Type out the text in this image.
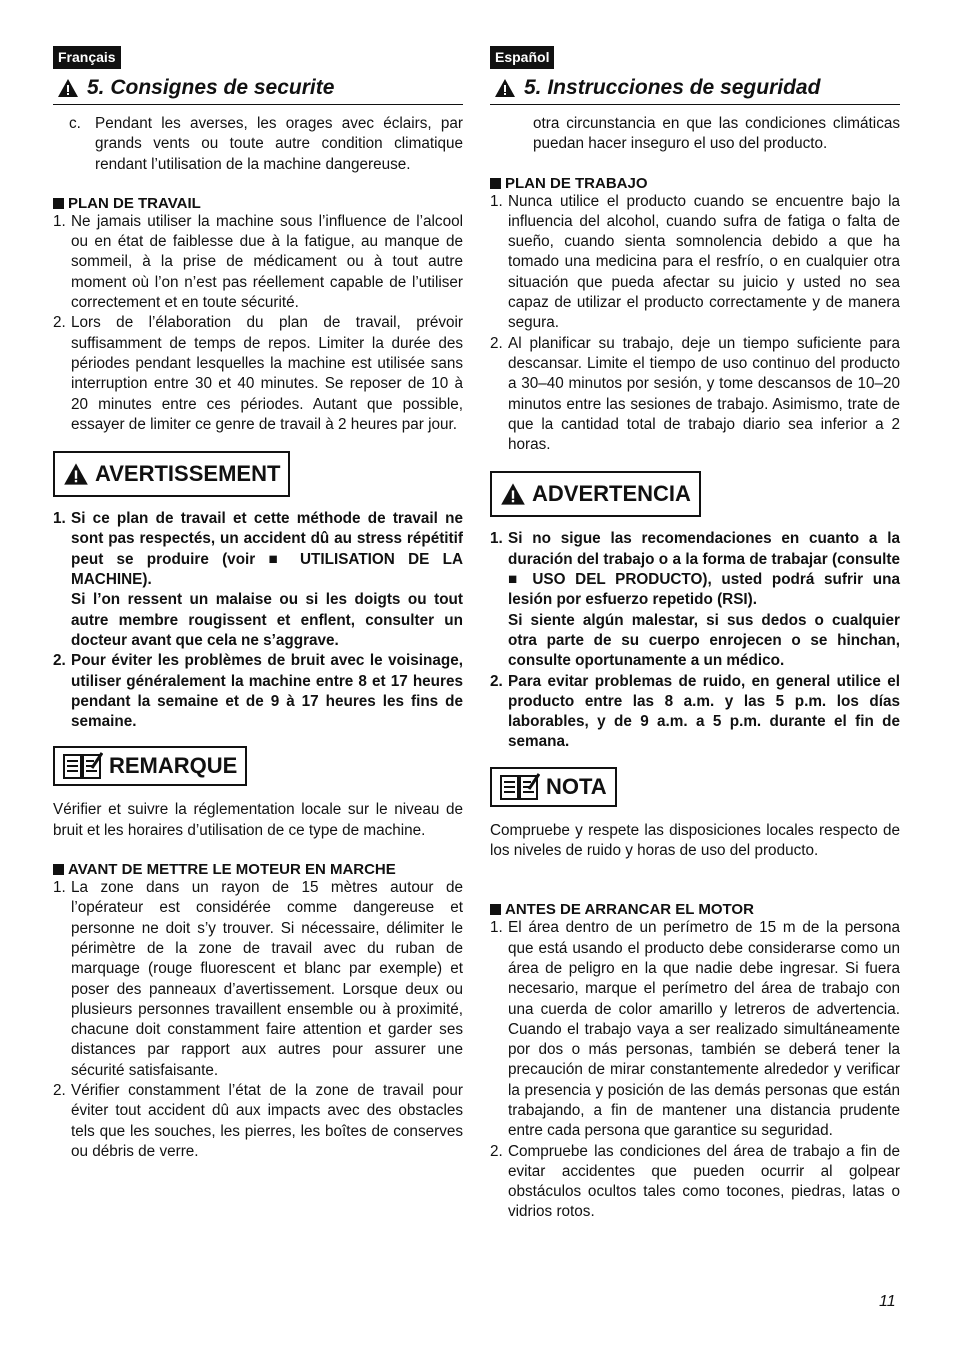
Français
5. Consignes de securite
c. Pendant les averses, les orages avec éclairs, par grands vents ou toute autre condition climatique rendant l’utilisation de la machine dangereuse.
PLAN DE TRAVAIL
1. Ne jamais utiliser la machine sous l’influence de l’alcool ou en état de faiblesse due à la fatigue, au manque de sommeil, à la prise de médicament ou à tout autre moment où l’on n’est pas réellement capable de l’utiliser correctement et en toute sécurité.
2. Lors de l’élaboration du plan de travail, prévoir suffisamment de temps de repos. Limiter la durée des périodes pendant lesquelles la machine est utilisée sans interruption entre 30 et 40 minutes. Se reposer de 10 à 20 minutes entre ces périodes. Autant que possible, essayer de limiter ce genre de travail à 2 heures par jour.
AVERTISSEMENT
1. Si ce plan de travail et cette méthode de travail ne sont pas respectés, un accident dû au stress répétitif peut se produire (voir ■ UTILISATION DE LA MACHINE).
Si l’on ressent un malaise ou si les doigts ou tout autre membre rougissent et enflent, consulter un docteur avant que cela ne s’aggrave.
2. Pour éviter les problèmes de bruit avec le voisinage, utiliser généralement la machine entre 8 et 17 heures pendant la semaine et de 9 à 17 heures les fins de semaine.
REMARQUE
Vérifier et suivre la réglementation locale sur le niveau de bruit et les horaires d’utilisation de ce type de machine.
AVANT DE METTRE LE MOTEUR EN MARCHE
1. La zone dans un rayon de 15 mètres autour de l’opérateur est considérée comme dangereuse et personne ne doit s’y trouver. Si nécessaire, délimiter le périmètre de la zone de travail avec du ruban de marquage (rouge fluorescent et blanc par exemple) et poser des panneaux d’avertissement. Lorsque deux ou plusieurs personnes travaillent ensemble ou à proximité, chacune doit constamment faire attention et garder ses distances par rapport aux autres pour assurer une sécurité satisfaisante.
2. Vérifier constamment l’état de la zone de travail pour éviter tout accident dû aux impacts avec des obstacles tels que les souches, les pierres, les boîtes de conserves ou débris de verre.
Español
5. Instrucciones de seguridad
otra circunstancia en que las condiciones climáticas puedan hacer inseguro el uso del producto.
PLAN DE TRABAJO
1. Nunca utilice el producto cuando se encuentre bajo la influencia del alcohol, cuando sufra de fatiga o falta de sueño, cuando sienta somnolencia debido a que ha tomado una medicina para el resfrío, o en cualquier otra situación que pueda afectar su juicio y usted no sea capaz de utilizar el producto correctamente y de manera segura.
2. Al planificar su trabajo, deje un tiempo suficiente para descansar. Limite el tiempo de uso continuo del producto a 30–40 minutos por sesión, y tome descansos de 10–20 minutos entre las sesiones de trabajo. Asimismo, trate de que la cantidad total de trabajo diario sea inferior a 2 horas.
ADVERTENCIA
1. Si no sigue las recomendaciones en cuanto a la duración del trabajo o a la forma de trabajar (consulte ■ USO DEL PRODUCTO), usted podrá sufrir una lesión por esfuerzo repetido (RSI).
Si siente algún malestar, si sus dedos o cualquier otra parte de su cuerpo enrojecen o se hinchan, consulte oportunamente a un médico.
2. Para evitar problemas de ruido, en general utilice el producto entre las 8 a.m. y las 5 p.m. los días laborables, y de 9 a.m. a 5 p.m. durante el fin de semana.
NOTA
Compruebe y respete las disposiciones locales respecto de los niveles de ruido y horas de uso del producto.
ANTES DE ARRANCAR EL MOTOR
1. El área dentro de un perímetro de 15 m de la persona que está usando el producto debe considerarse como un área de peligro en la que nadie debe ingresar. Si fuera necesario, marque el perímetro del área de trabajo con una cuerda de color amarillo y letreros de advertencia. Cuando el trabajo vaya a ser realizado simultáneamente por dos o más personas, también se deberá tener la precaución de mirar constantemente alrededor y verificar la presencia y posición de las demás personas que están trabajando, a fin de mantener una distancia prudente entre cada persona que garantice su seguridad.
2. Compruebe las condiciones del área de trabajo a fin de evitar accidentes que pueden ocurrir al golpear obstáculos ocultos tales como tocones, piedras, latas o vidrios rotos.
11
